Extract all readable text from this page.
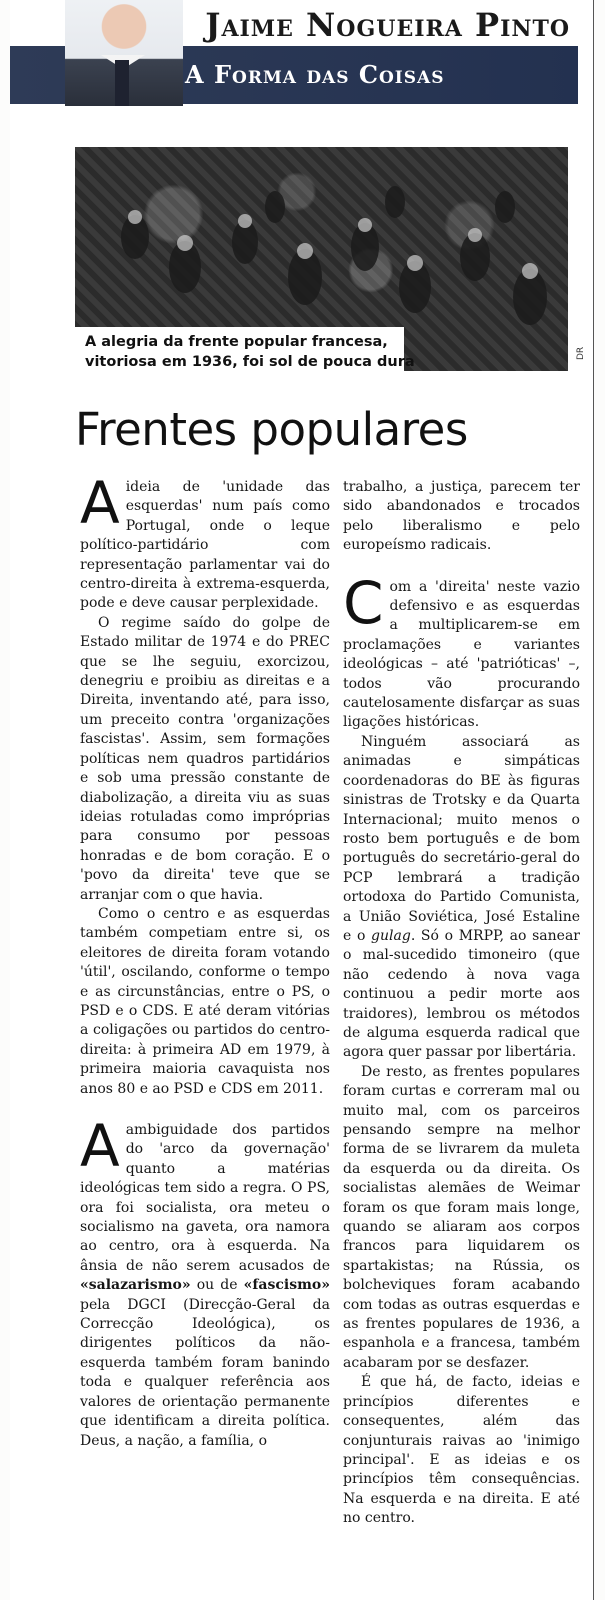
A Forma das Coisas
Jaime Nogueira Pinto
A alegria da frente popular francesa,
vitoriosa em 1936, foi sol de pouca dura
DR
Frentes populares

Aideia de 'unidade das esquerdas' num país como Portugal, onde o leque político-partidário com representação parlamentar vai do centro-direita à extrema-esquerda, pode e deve causar perplexidade.

O regime saído do golpe de Estado militar de 1974 e do PREC que se lhe seguiu, exorcizou, denegriu e proibiu as direitas e a Direita, inventando até, para isso, um preceito contra 'organizações fascistas'. Assim, sem formações políticas nem quadros partidários e sob uma pressão constante de diabolização, a direita viu as suas ideias rotuladas como impróprias para consumo por pessoas honradas e de bom coração. E o 'povo da direita' teve que se arranjar com o que havia.

Como o centro e as esquerdas também competiam entre si, os eleitores de direita foram votando 'útil', oscilando, conforme o tempo e as circunstâncias, entre o PS, o PSD e o CDS. E até deram vitórias a coligações ou partidos do centro-direita: à primeira AD em 1979, à primeira maioria cavaquista nos anos 80 e ao PSD e CDS em 2011.

Aambiguidade dos partidos do 'arco da governação' quanto a matérias ideológicas tem sido a regra. O PS, ora foi socialista, ora meteu o socialismo na gaveta, ora namora ao centro, ora à esquerda. Na ânsia de não serem acusados de «salazarismo» ou de «fascismo» pela DGCI (Direcção-Geral da Correcção Ideológica), os dirigentes políticos da não-esquerda também foram banindo toda e qualquer referência aos valores de orientação permanente que identificam a direita política. Deus, a nação, a família, o

trabalho, a justiça, parecem ter sido abandonados e trocados pelo liberalismo e pelo europeísmo radicais.

Com a 'direita' neste vazio defensivo e as esquerdas a multiplicarem-se em proclamações e variantes ideológicas – até 'patrióticas' –, todos vão procurando cautelosamente disfarçar as suas ligações históricas.

Ninguém associará as animadas e simpáticas coordenadoras do BE às figuras sinistras de Trotsky e da Quarta Internacional; muito menos o rosto bem português e de bom português do secretário-geral do PCP lembrará a tradição ortodoxa do Partido Comunista, a União Soviética, José Estaline e o gulag. Só o MRPP, ao sanear o mal-sucedido timoneiro (que não cedendo à nova vaga continuou a pedir morte aos traidores), lembrou os métodos de alguma esquerda radical que agora quer passar por libertária.

De resto, as frentes populares foram curtas e correram mal ou muito mal, com os parceiros pensando sempre na melhor forma de se livrarem da muleta da esquerda ou da direita. Os socialistas alemães de Weimar foram os que foram mais longe, quando se aliaram aos corpos francos para liquidarem os spartakistas; na Rússia, os bolcheviques foram acabando com todas as outras esquerdas e as frentes populares de 1936, a espanhola e a francesa, também acabaram por se desfazer.

É que há, de facto, ideias e princípios diferentes e consequentes, além das conjunturais raivas ao 'inimigo principal'. E as ideias e os princípios têm consequências. Na esquerda e na direita. E até no centro.
